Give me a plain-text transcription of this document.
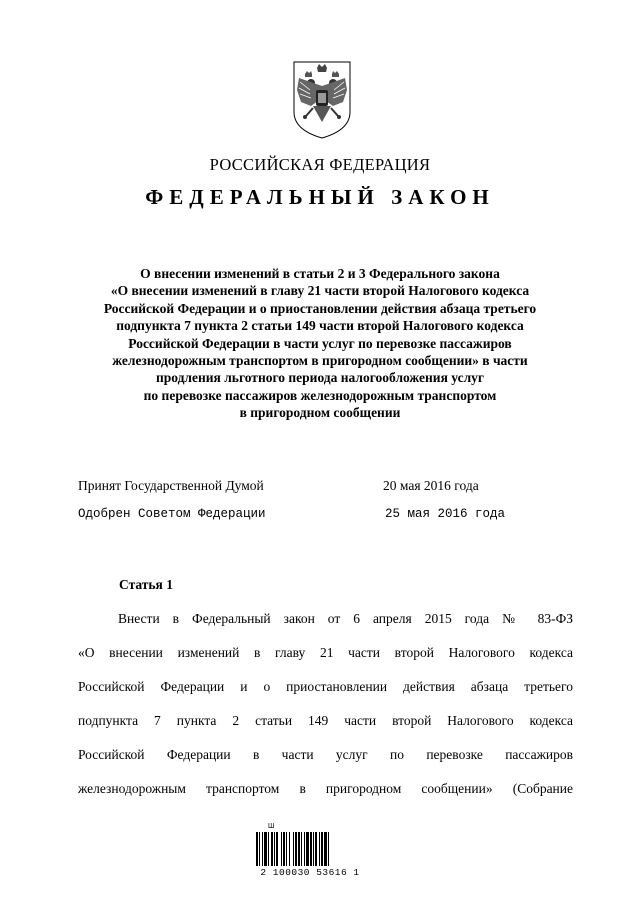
РОССИЙСКАЯ ФЕДЕРАЦИЯ
ФЕДЕРАЛЬНЫЙ ЗАКОН
О внесении изменений в статьи 2 и 3 Федерального закона
«О внесении изменений в главу 21 части второй Налогового кодекса
Российской Федерации и о приостановлении действия абзаца третьего
подпункта 7 пункта 2 статьи 149 части второй Налогового кодекса
Российской Федерации в части услуг по перевозке пассажиров
железнодорожным транспортом в пригородном сообщении» в части
продления льготного периода налогообложения услуг
по перевозке пассажиров железнодорожным транспортом
в пригородном сообщении
Принят Государственной Думой	20 мая 2016 года
Одобрен Советом Федерации	25 мая 2016 года
Статья 1
Внести в Федеральный закон от 6 апреля 2015 года № 83-ФЗ
«О внесении изменений в главу 21 части второй Налогового кодекса
Российской Федерации и о приостановлении действия абзаца третьего
подпункта 7 пункта 2 статьи 149 части второй Налогового кодекса
Российской Федерации в части услуг по перевозке пассажиров
железнодорожным транспортом в пригородном сообщении» (Собрание
Ш
2 100030 53616 1
